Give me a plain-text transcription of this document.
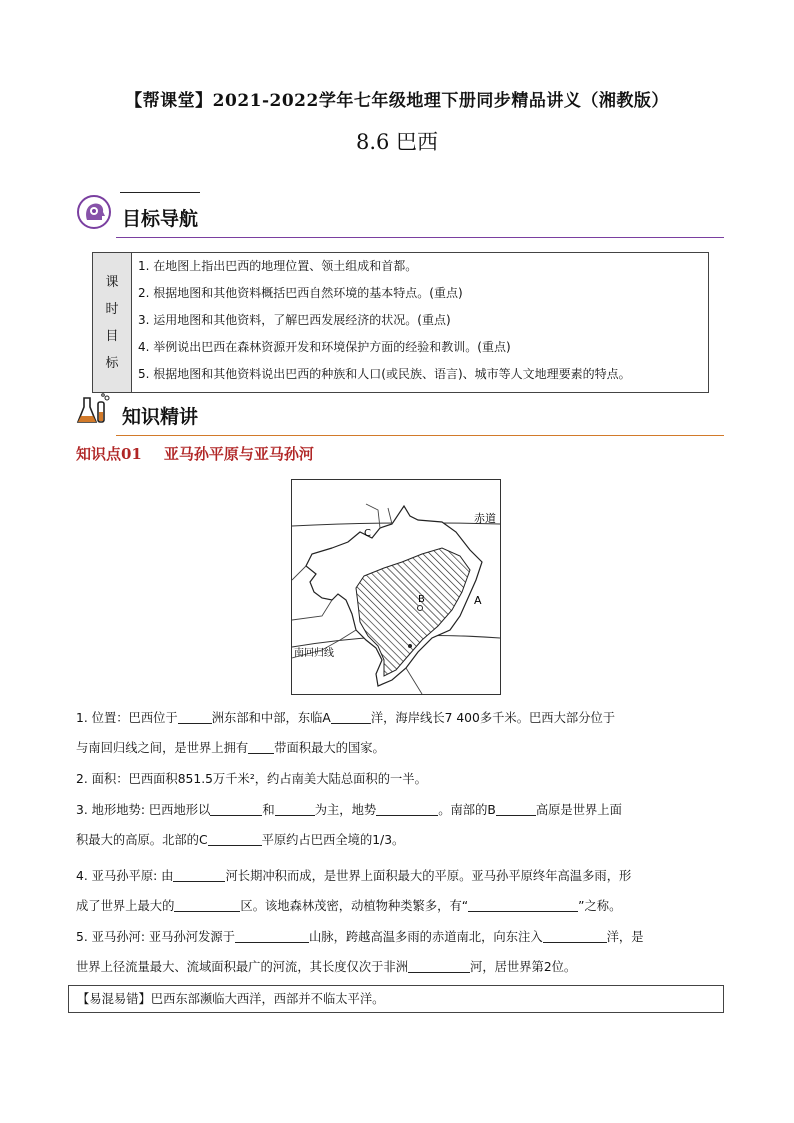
【帮课堂】2021-2022学年七年级地理下册同步精品讲义（湘教版）
8.6 巴西
目标导航
课
时
目
标

1. 在地图上指出巴西的地理位置、领土组成和首都。
2. 根据地图和其他资料概括巴西自然环境的基本特点。(重点)
3. 运用地图和其他资料，了解巴西发展经济的状况。(重点)
4. 举例说出巴西在森林资源开发和环境保护方面的经验和教训。(重点)
5. 根据地图和其他资料说出巴西的种族和人口(或民族、语言)、城市等人文地理要素的特点。
知识精讲
知识点01 亚马孙平原与亚马孙河
赤道
南回归线
A
B
C
1. 位置：巴西位于	洲东部和中部，东临A	洋，海岸线长7 400多千米。巴西大部分位于
与南回归线之间，是世界上拥有 带面积最大的国家。
2. 面积：巴西面积851.5万千米²，约占南美大陆总面积的一半。
3. 地形地势: 巴西地形以	和	为主，地势	。南部的B	高原是世界上面
积最大的高原。北部的C	平原约占巴西全境的1/3。
4. 亚马孙平原: 由	河长期冲积而成，是世界上面积最大的平原。亚马孙平原终年高温多雨，形
成了世界上最大的	区。该地森林茂密，动植物种类繁多，有“	”之称。
5. 亚马孙河: 亚马孙河发源于	山脉，跨越高温多雨的赤道南北，向东注入	洋，是
世界上径流量最大、流域面积最广的河流，其长度仅次于非洲	河，居世界第2位。
【易混易错】巴西东部濒临大西洋，西部并不临太平洋。
